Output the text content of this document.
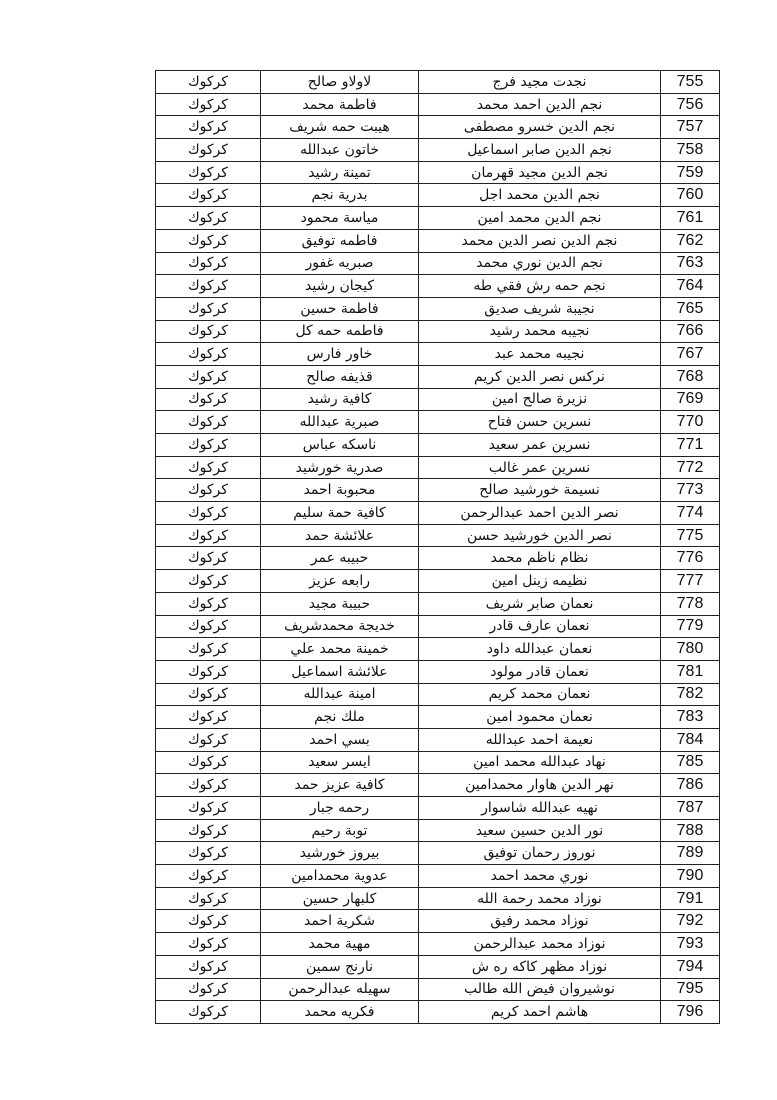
كركوك	لاولاو صالح	نجدت مجيد فرج	755
كركوك	فاطمة محمد	نجم الدين احمد محمد	756
كركوك	هيبت حمه شريف	نجم الدين خسرو مصطفى	757
كركوك	خاتون عبدالله	نجم الدين صابر اسماعيل	758
كركوك	تمينة رشيد	نجم الدين مجيد قهرمان	759
كركوك	بدرية نجم	نجم الدين محمد اجل	760
كركوك	مياسة محمود	نجم الدين محمد امين	761
كركوك	فاطمه توفيق	نجم الدين نصر الدين محمد	762
كركوك	صبريه غفور	نجم الدين نوري محمد	763
كركوك	كيجان رشيد	نجم حمه رش فقي طه	764
كركوك	فاطمة حسين	نجيبة شريف صديق	765
كركوك	فاطمه حمه كل	نجيبه محمد رشيد	766
كركوك	خاور فارس	نجيبه محمد عبد	767
كركوك	قذيفه صالح	نركس نصر الدين كريم	768
كركوك	كافية رشيد	نزيرة صالح امين	769
كركوك	صبرية عبدالله	نسرين حسن فتاح	770
كركوك	ناسكه عباس	نسرين عمر سعيد	771
كركوك	صدرية خورشيد	نسرين عمر غالب	772
كركوك	محبوبة احمد	نسيمة خورشيد صالح	773
كركوك	كافية حمة سليم	نصر الدين احمد عبدالرحمن	774
كركوك	علائشة حمد	نصر الدين خورشيد حسن	775
كركوك	حبيبه عمر	نظام ناظم محمد	776
كركوك	رابعه عزيز	نظيمه زينل امين	777
كركوك	حبيبة مجيد	نعمان صابر شريف	778
كركوك	خديجة محمدشريف	نعمان عارف قادر	779
كركوك	خمينة محمد علي	نعمان عبدالله داود	780
كركوك	علائشة اسماعيل	نعمان قادر مولود	781
كركوك	امينة عبدالله	نعمان محمد كريم	782
كركوك	ملك نجم	نعمان محمود امين	783
كركوك	بسي احمد	نعيمة احمد عبدالله	784
كركوك	ايسر سعيد	نهاد عبدالله محمد امين	785
كركوك	كافية عزيز حمد	نهر الدين هاوار محمدامين	786
كركوك	رحمه جبار	نهيه عبدالله شاسوار	787
كركوك	توبة رحيم	نور الدين حسين سعيد	788
كركوك	بيروز خورشيد	نوروز رحمان توفيق	789
كركوك	عدوية محمدامين	نوري محمد احمد	790
كركوك	كلبهار حسين	نوزاد محمد رحمة الله	791
كركوك	شكرية احمد	نوزاد محمد رفيق	792
كركوك	مهية محمد	نوزاد محمد عبدالرحمن	793
كركوك	نارنج سمين	نوزاد مظهر كاكه ره ش	794
كركوك	سهيله عبدالرحمن	نوشيروان فيض الله طالب	795
كركوك	فكريه محمد	هاشم احمد كريم	796
